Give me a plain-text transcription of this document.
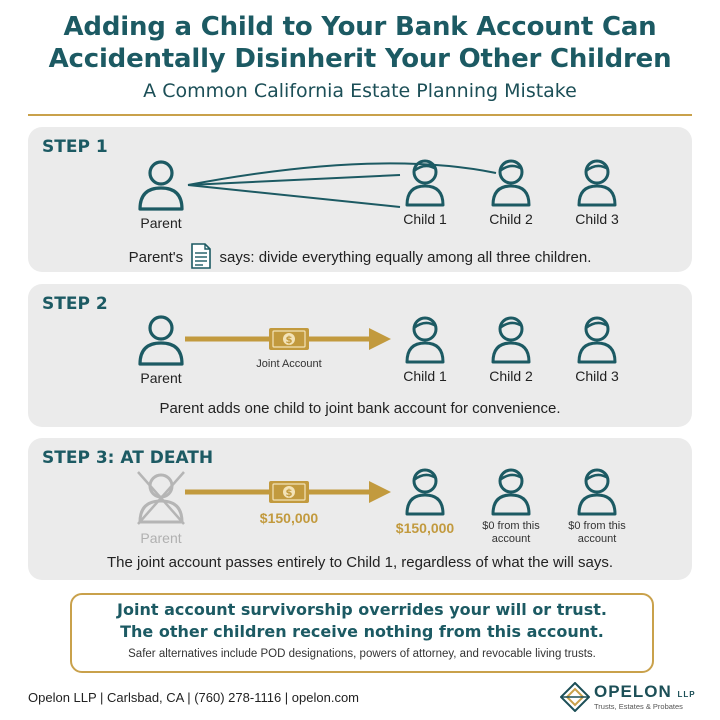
Adding a Child to Your Bank Account Can
Accidentally Disinherit Your Other Children
A Common California Estate Planning Mistake
STEP 1
Parent	Child 1	Child 2	Child 3
Parent's says: divide everything equally among all three children.
STEP 2
Parent
$
Joint Account
Child 1	Child 2	Child 3
Parent adds one child to joint bank account for convenience.
STEP 3: AT DEATH
Parent
$
$150,000
$150,000	$0 from this account
$0 from this account
The joint account passes entirely to Child 1, regardless of what the will says.
Joint account survivorship overrides your will or trust.
The other children receive nothing from this account.
Safer alternatives include POD designations, powers of attorney, and revocable living trusts.
Opelon LLP | Carlsbad, CA | (760) 278-1116 | opelon.com	OPELON LLP
Trusts, Estates & Probates
